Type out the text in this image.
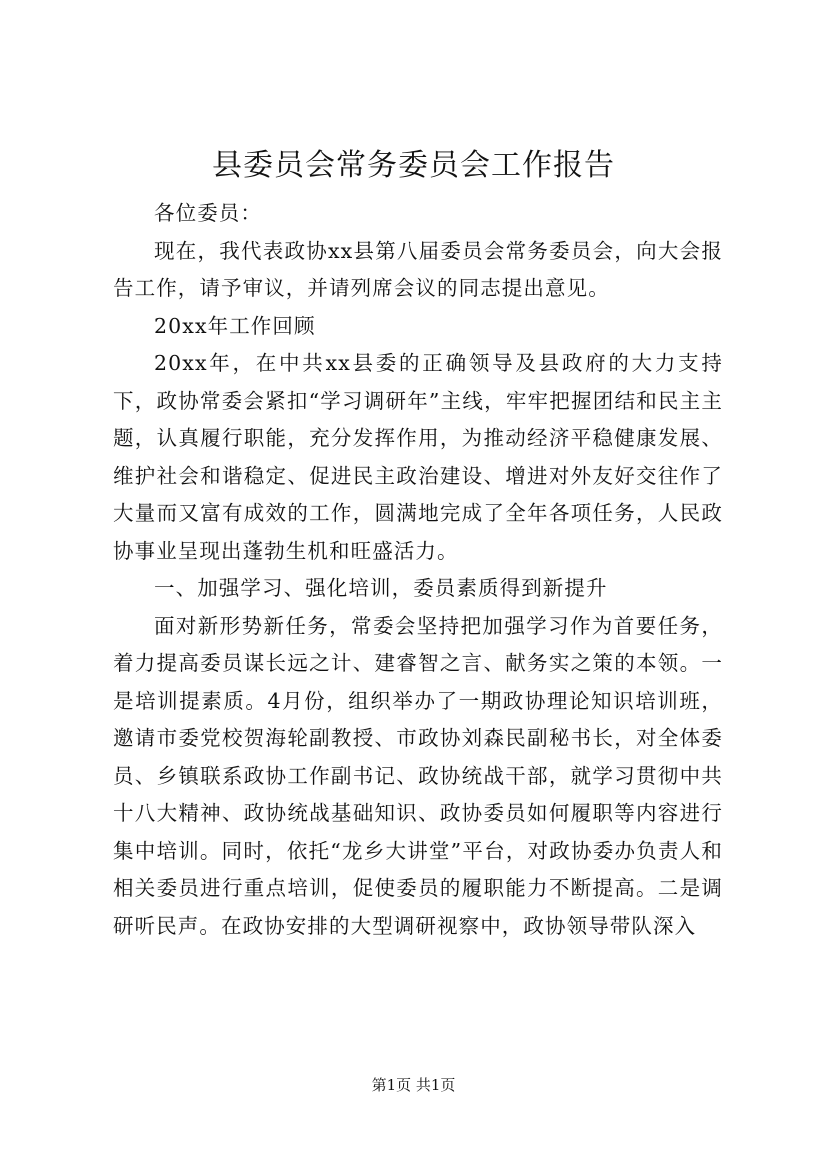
县委员会常务委员会工作报告

各位委员：

现在，我代表政协xx县第八届委员会常务委员会，向大会报告工作，请予审议，并请列席会议的同志提出意见。

20xx年工作回顾

20xx年，在中共xx县委的正确领导及县政府的大力支持下，政协常委会紧扣“学习调研年”主线，牢牢把握团结和民主主题，认真履行职能，充分发挥作用，为推动经济平稳健康发展、维护社会和谐稳定、促进民主政治建设、增进对外友好交往作了大量而又富有成效的工作，圆满地完成了全年各项任务，人民政协事业呈现出蓬勃生机和旺盛活力。

一、加强学习、强化培训，委员素质得到新提升

面对新形势新任务，常委会坚持把加强学习作为首要任务，着力提高委员谋长远之计、建睿智之言、献务实之策的本领。一是培训提素质。4月份，组织举办了一期政协理论知识培训班，邀请市委党校贺海轮副教授、市政协刘森民副秘书长，对全体委员、乡镇联系政协工作副书记、政协统战干部，就学习贯彻中共十八大精神、政协统战基础知识、政协委员如何履职等内容进行集中培训。同时，依托“龙乡大讲堂”平台，对政协委办负责人和相关委员进行重点培训，促使委员的履职能力不断提高。二是调研听民声。在政协安排的大型调研视察中，政协领导带队深入

第1页 共1页
